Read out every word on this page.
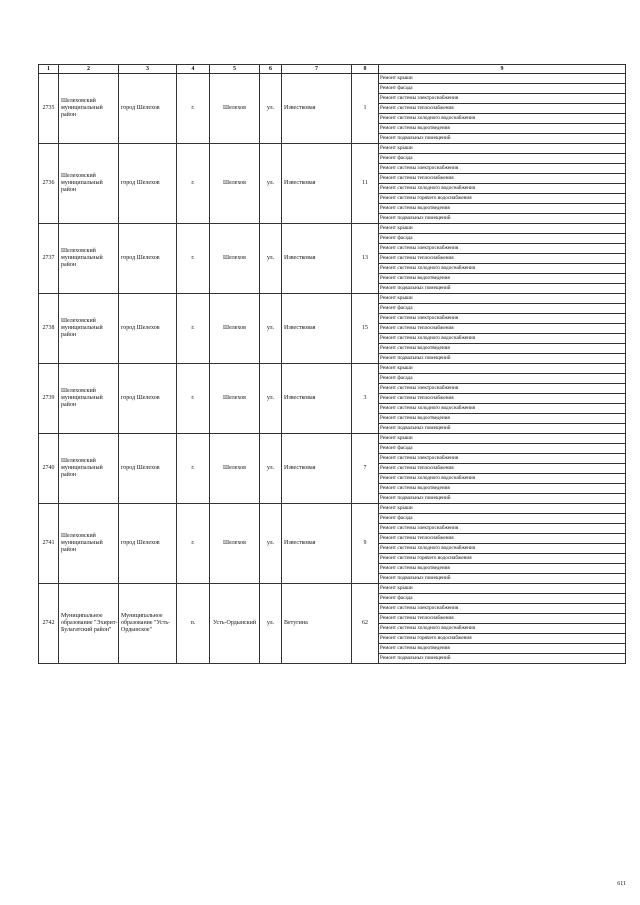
1	2	3	4	5	6	7	8	9
2735	Шелеховский муниципальный район	город Шелехов	г.	Шелехов	ул.	Известковая	1	Ремонт крыши
								Ремонт фасада
								Ремонт системы электроснабжения
								Ремонт системы теплоснабжения
								Ремонт системы холодного водоснабжения
								Ремонт системы водоотведения
								Ремонт подвальных помещений
2736	Шелеховский муниципальный район	город Шелехов	г.	Шелехов	ул.	Известковая	11	Ремонт крыши
								Ремонт фасада
								Ремонт системы электроснабжения
								Ремонт системы теплоснабжения
								Ремонт системы холодного водоснабжения
								Ремонт системы горячего водоснабжения
								Ремонт системы водоотведения
								Ремонт подвальных помещений
2737	Шелеховский муниципальный район	город Шелехов	г.	Шелехов	ул.	Известковая	13	Ремонт крыши
								Ремонт фасада
								Ремонт системы электроснабжения
								Ремонт системы теплоснабжения
								Ремонт системы холодного водоснабжения
								Ремонт системы водоотведения
								Ремонт подвальных помещений
2738	Шелеховский муниципальный район	город Шелехов	г.	Шелехов	ул.	Известковая	15	Ремонт крыши
								Ремонт фасада
								Ремонт системы электроснабжения
								Ремонт системы теплоснабжения
								Ремонт системы холодного водоснабжения
								Ремонт системы водоотведения
								Ремонт подвальных помещений
2739	Шелеховский муниципальный район	город Шелехов	г.	Шелехов	ул.	Известковая	3	Ремонт крыши
								Ремонт фасада
								Ремонт системы электроснабжения
								Ремонт системы теплоснабжения
								Ремонт системы холодного водоснабжения
								Ремонт системы водоотведения
								Ремонт подвальных помещений
2740	Шелеховский муниципальный район	город Шелехов	г.	Шелехов	ул.	Известковая	7	Ремонт крыши
								Ремонт фасада
								Ремонт системы электроснабжения
								Ремонт системы теплоснабжения
								Ремонт системы холодного водоснабжения
								Ремонт системы водоотведения
								Ремонт подвальных помещений
2741	Шелеховский муниципальный район	город Шелехов	г.	Шелехов	ул.	Известковая	9	Ремонт крыши
								Ремонт фасада
								Ремонт системы электроснабжения
								Ремонт системы теплоснабжения
								Ремонт системы холодного водоснабжения
								Ремонт системы горячего водоснабжения
								Ремонт системы водоотведения
								Ремонт подвальных помещений
2742	Муниципальное образование "Эхирит-Булагатский район"	Муниципальное образование "Усть-Ордынское"	п.	Усть-Ордынский	ул.	Ветугина	62	Ремонт крыши
								Ремонт фасада
								Ремонт системы электроснабжения
								Ремонт системы теплоснабжения
								Ремонт системы холодного водоснабжения
								Ремонт системы горячего водоснабжения
								Ремонт системы водоотведения
								Ремонт подвальных помещений
611
